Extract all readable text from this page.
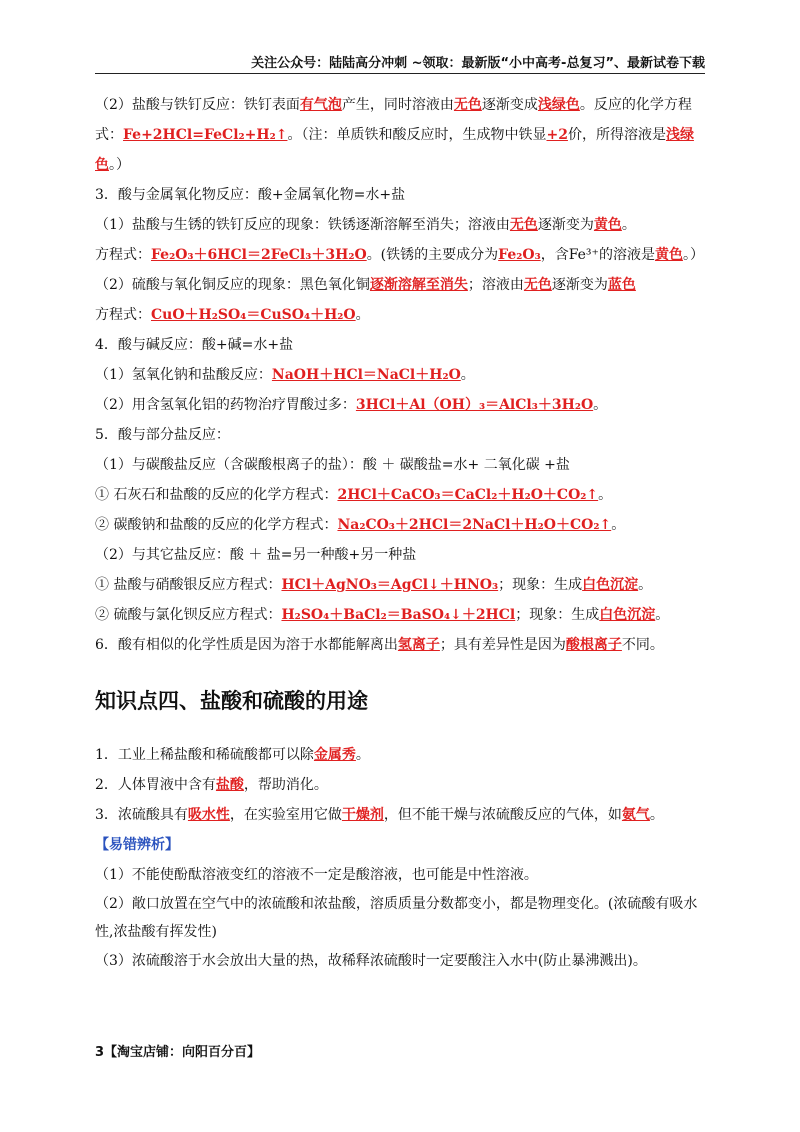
关注公众号：陆陆高分冲刺 ~领取：最新版“小中高考-总复习”、最新试卷下载
（2）盐酸与铁钉反应：铁钉表面有气泡产生，同时溶液由无色逐渐变成浅绿色。反应的化学方程式：Fe+2HCl=FeCl₂+H₂↑。（注：单质铁和酸反应时，生成物中铁显+2价，所得溶液是浅绿色。）
3．酸与金属氧化物反应：酸+金属氧化物=水+盐
（1）盐酸与生锈的铁钉反应的现象：铁锈逐渐溶解至消失；溶液由无色逐渐变为黄色。
方程式：Fe₂O₃＋6HCl＝2FeCl₃＋3H₂O。(铁锈的主要成分为Fe₂O₃，含Fe³⁺的溶液是黄色。）
（2）硫酸与氧化铜反应的现象：黑色氧化铜逐渐溶解至消失；溶液由无色逐渐变为蓝色
方程式：CuO＋H₂SO₄＝CuSO₄＋H₂O。
4．酸与碱反应：酸+碱=水+盐
（1）氢氧化钠和盐酸反应：NaOH＋HCl＝NaCl＋H₂O。
（2）用含氢氧化铝的药物治疗胃酸过多：3HCl＋Al（OH）₃＝AlCl₃＋3H₂O。
5．酸与部分盐反应：
（1）与碳酸盐反应（含碳酸根离子的盐）：酸 ＋ 碳酸盐=水+ 二氧化碳 +盐
① 石灰石和盐酸的反应的化学方程式：2HCl＋CaCO₃＝CaCl₂＋H₂O＋CO₂↑。
② 碳酸钠和盐酸的反应的化学方程式：Na₂CO₃＋2HCl＝2NaCl＋H₂O＋CO₂↑。
（2）与其它盐反应：酸 ＋ 盐=另一种酸+另一种盐
① 盐酸与硝酸银反应方程式：HCl＋AgNO₃＝AgCl↓＋HNO₃；现象：生成白色沉淀。
② 硫酸与氯化钡反应方程式：H₂SO₄＋BaCl₂＝BaSO₄↓＋2HCl；现象：生成白色沉淀。
6．酸有相似的化学性质是因为溶于水都能解离出氢离子；具有差异性是因为酸根离子不同。
知识点四、盐酸和硫酸的用途
1．工业上稀盐酸和稀硫酸都可以除金属秀。
2．人体胃液中含有盐酸，帮助消化。
3．浓硫酸具有吸水性，在实验室用它做干燥剂，但不能干燥与浓硫酸反应的气体，如氨气。
【易错辨析】
（1）不能使酚酞溶液变红的溶液不一定是酸溶液，也可能是中性溶液。
（2）敞口放置在空气中的浓硫酸和浓盐酸，溶质质量分数都变小，都是物理变化。(浓硫酸有吸水性,浓盐酸有挥发性)
（3）浓硫酸溶于水会放出大量的热，故稀释浓硫酸时一定要酸注入水中(防止暴沸溅出)。
3【淘宝店铺：向阳百分百】
